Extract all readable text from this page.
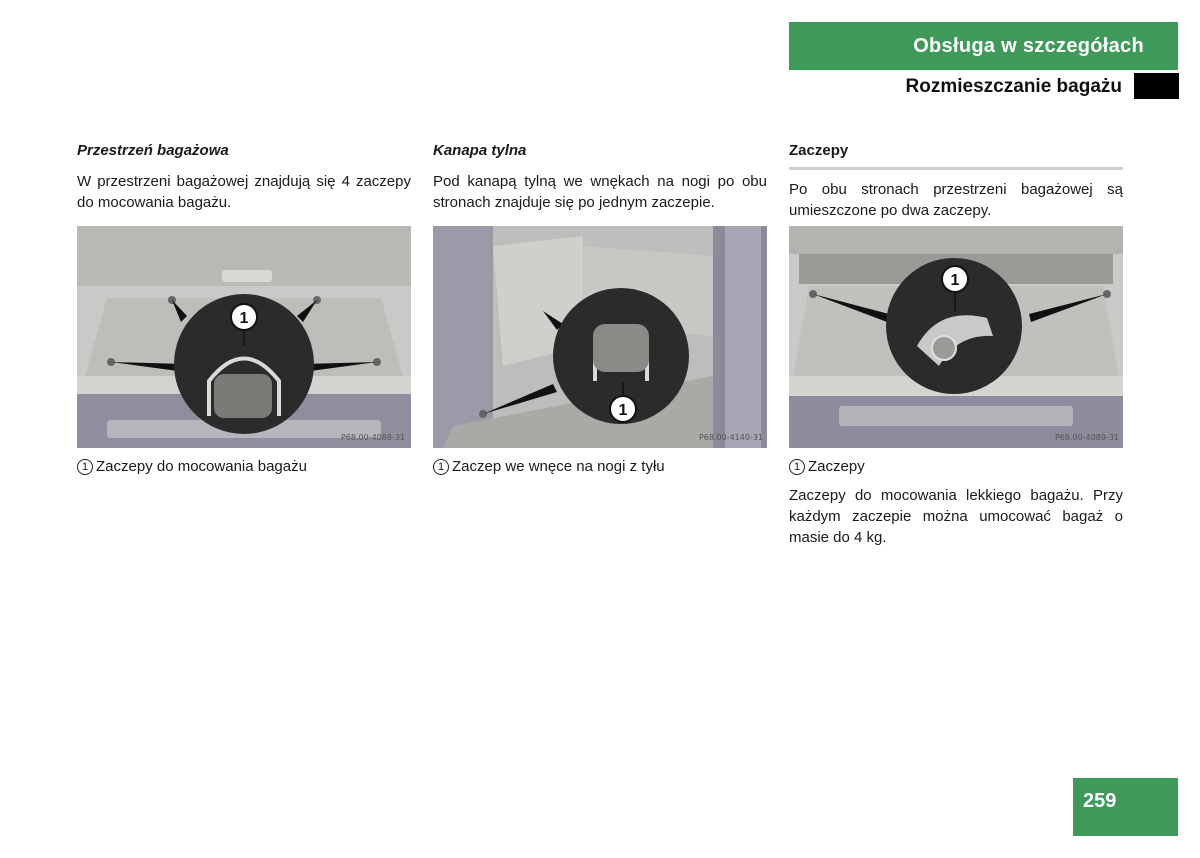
Obsługa w szczegółach
Rozmieszczanie bagażu

Przestrzeń bagażowa

W przestrzeni bagażowej znajdują się 4 zaczepy do mocowania bagażu.

1
P68.00-4088-31
1 Zaczepy do mocowania bagażu

Kanapa tylna

Pod kanapą tylną we wnękach na nogi po obu stronach znajduje się po jednym zaczepie.

1
P68.00-4140-31
1 Zaczep we wnęce na nogi z tyłu

Zaczepy

Po obu stronach przestrzeni bagażowej są umieszczone po dwa zaczepy.

1
P68.00-4089-31
1 Zaczepy

Zaczepy do mocowania lekkiego bagażu. Przy każdym zaczepie można umocować bagaż o masie do 4 kg.

259
